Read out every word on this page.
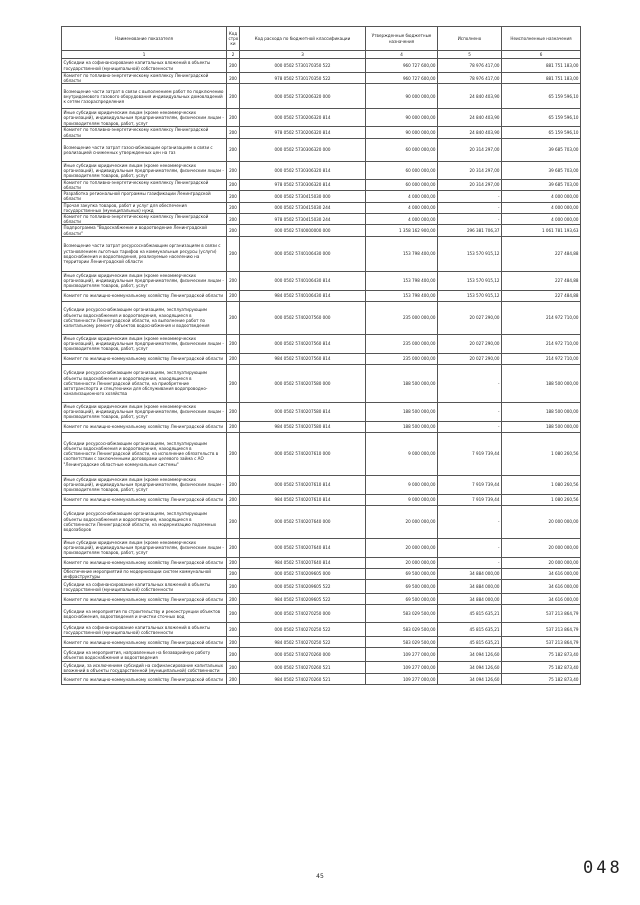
Наименование показателя	Код стро ки	Код расхода по бюджетной классификации	Утвержденные бюджетные назначения	Исполнено	Неисполненные назначения
1	2	3	4	5	6
Субсидии на софинансирование капитальных вложений в объекты государственной (муниципальной) собственности	200	000 0502 5730170350 522	960 727 600,00	78 976 417,00	881 751 183,00
Комитет по топливно-энергетическому комплексу Ленинградской области	200	978 0502 5730170350 522	960 727 600,00	78 976 417,00	881 751 183,00
Возмещение части затрат в связи с выполнением работ по подключению внутридомового газового оборудования индивидуальных домовладений к сетям газораспределения	200	000 0502 5730206320 000	90 000 000,00	24 840 403,90	65 159 596,10
Иные субсидии юридическим лицам (кроме некоммерческих организаций), индивидуальным предпринимателям, физическим лицам - производителям товаров, работ, услуг	200	000 0502 5730206320 814	90 000 000,00	24 840 403,90	65 159 596,10
Комитет по топливно-энергетическому комплексу Ленинградской области	200	978 0502 5730206320 814	90 000 000,00	24 840 403,90	65 159 596,10
Возмещение части затрат газоснабжающим организациям в связи с реализацией сниженных утвержденных цен на газ	200	000 0502 5730306320 000	60 000 000,00	20 314 297,00	39 685 703,00
Иные субсидии юридическим лицам (кроме некоммерческих организаций), индивидуальным предпринимателям, физическим лицам - производителям товаров, работ, услуг	200	000 0502 5730306320 814	60 000 000,00	20 314 297,00	39 685 703,00
Комитет по топливно-энергетическому комплексу Ленинградской области	200	978 0502 5730306320 814	60 000 000,00	20 314 297,00	39 685 703,00
Разработка региональной программы газификации Ленинградской области	200	000 0502 5730415030 000	4 000 000,00	-	4 000 000,00
Прочая закупка товаров, работ и услуг для обеспечения государственных (муниципальных) нужд	200	000 0502 5730415030 244	4 000 000,00	-	4 000 000,00
Комитет по топливно-энергетическому комплексу Ленинградской области	200	978 0502 5730415030 244	4 000 000,00	-	4 000 000,00
Подпрограмма "Водоснабжение и водоотведение Ленинградской области"	200	000 0502 5740000000 000	1 358 162 900,00	296 381 706,37	1 061 781 193,63
Возмещение части затрат ресурсоснабжающим организациям в связи с установлением льготных тарифов на коммунальные ресурсы (услуги) водоснабжения и водоотведения, реализуемые населению на территории Ленинградской области	200	000 0502 5740106430 000	153 798 400,00	153 570 915,12	227 484,88
Иные субсидии юридическим лицам (кроме некоммерческих организаций), индивидуальным предпринимателям, физическим лицам - производителям товаров, работ, услуг	200	000 0502 5740106430 814	153 798 400,00	153 570 915,12	227 484,88
Комитет по жилищно-коммунальному хозяйству Ленинградской области	200	984 0502 5740106430 814	153 798 400,00	153 570 915,12	227 484,88
Субсидии ресурсоснабжающим организациям, эксплуатирующим объекты водоснабжения и водоотведения, находящиеся в собственности Ленинградской области, на выполнение работ по капитальному ремонту объектов водоснабжения и водоотведения	200	000 0502 5740207560 000	235 000 000,00	20 027 290,00	214 972 710,00
Иные субсидии юридическим лицам (кроме некоммерческих организаций), индивидуальным предпринимателям, физическим лицам - производителям товаров, работ, услуг	200	000 0502 5740207560 814	235 000 000,00	20 027 290,00	214 972 710,00
Комитет по жилищно-коммунальному хозяйству Ленинградской области	200	984 0502 5740207560 814	235 000 000,00	20 027 290,00	214 972 710,00
Субсидии ресурсоснабжающим организациям, эксплуатирующим объекты водоснабжения и водоотведения, находящиеся в собственности Ленинградской области, на приобретение автотранспорта и спецтехники для обслуживания водопроводно-канализационного хозяйства	200	000 0502 5740207580 000	188 500 000,00	-	188 500 000,00
Иные субсидии юридическим лицам (кроме некоммерческих организаций), индивидуальным предпринимателям, физическим лицам - производителям товаров, работ, услуг	200	000 0502 5740207580 814	188 500 000,00	-	188 500 000,00
Комитет по жилищно-коммунальному хозяйству Ленинградской области	200	984 0502 5740207580 814	188 500 000,00	-	188 500 000,00
Субсидии ресурсоснабжающим организациям, эксплуатирующим объекты водоснабжения и водоотведения, находящиеся в собственности Ленинградской области, на исполнение обязательств в соответствии с заключенными договорами целевого займа с АО "Ленинградские областные коммунальные системы"	200	000 0502 5740207610 000	9 000 000,00	7 919 739,44	1 080 260,56
Иные субсидии юридическим лицам (кроме некоммерческих организаций), индивидуальным предпринимателям, физическим лицам - производителям товаров, работ, услуг	200	000 0502 5740207610 814	9 000 000,00	7 919 739,44	1 080 260,56
Комитет по жилищно-коммунальному хозяйству Ленинградской области	200	984 0502 5740207610 814	9 000 000,00	7 919 739,44	1 080 260,56
Субсидии ресурсоснабжающим организациям, эксплуатирующим объекты водоснабжения и водоотведения, находящиеся в собственности Ленинградской области, на модернизацию подземных водозаборов	200	000 0502 5740207640 000	20 000 000,00	-	20 000 000,00
Иные субсидии юридическим лицам (кроме некоммерческих организаций), индивидуальным предпринимателям, физическим лицам - производителям товаров, работ, услуг	200	000 0502 5740207640 814	20 000 000,00	-	20 000 000,00
Комитет по жилищно-коммунальному хозяйству Ленинградской области	200	984 0502 5740207640 814	20 000 000,00	-	20 000 000,00
Обеспечение мероприятий по модернизации систем коммунальной инфраструктуры	200	000 0502 5740209605 000	69 500 000,00	34 884 000,00	34 616 000,00
Субсидии на софинансирование капитальных вложений в объекты государственной (муниципальной) собственности	200	000 0502 5740209605 522	69 500 000,00	34 884 000,00	34 616 000,00
Комитет по жилищно-коммунальному хозяйству Ленинградской области	200	984 0502 5740209605 522	69 500 000,00	34 884 000,00	34 616 000,00
Субсидии на мероприятия по строительству и реконструкции объектов водоснабжения, водоотведения и очистки сточных вод	200	000 0502 5740270250 000	583 029 500,00	45 815 635,21	537 213 864,79
Субсидии на софинансирование капитальных вложений в объекты государственной (муниципальной) собственности	200	000 0502 5740270250 522	583 029 500,00	45 815 635,21	537 213 864,79
Комитет по жилищно-коммунальному хозяйству Ленинградской области	200	984 0502 5740270250 522	583 029 500,00	45 815 635,21	537 213 864,79
Субсидии на мероприятия, направленные на безаварийную работу объектов водоснабжения и водоотведения	200	000 0502 5740270260 000	109 277 000,00	34 094 126,60	75 182 873,40
Субсидии, за исключением субсидий на софинансирование капитальных вложений в объекты государственной (муниципальной) собственности	200	000 0502 5740270260 521	109 277 000,00	34 094 126,60	75 182 873,40
Комитет по жилищно-коммунальному хозяйству Ленинградской области	200	984 0502 5740270260 521	109 277 000,00	34 094 126,60	75 182 873,40
45	048
